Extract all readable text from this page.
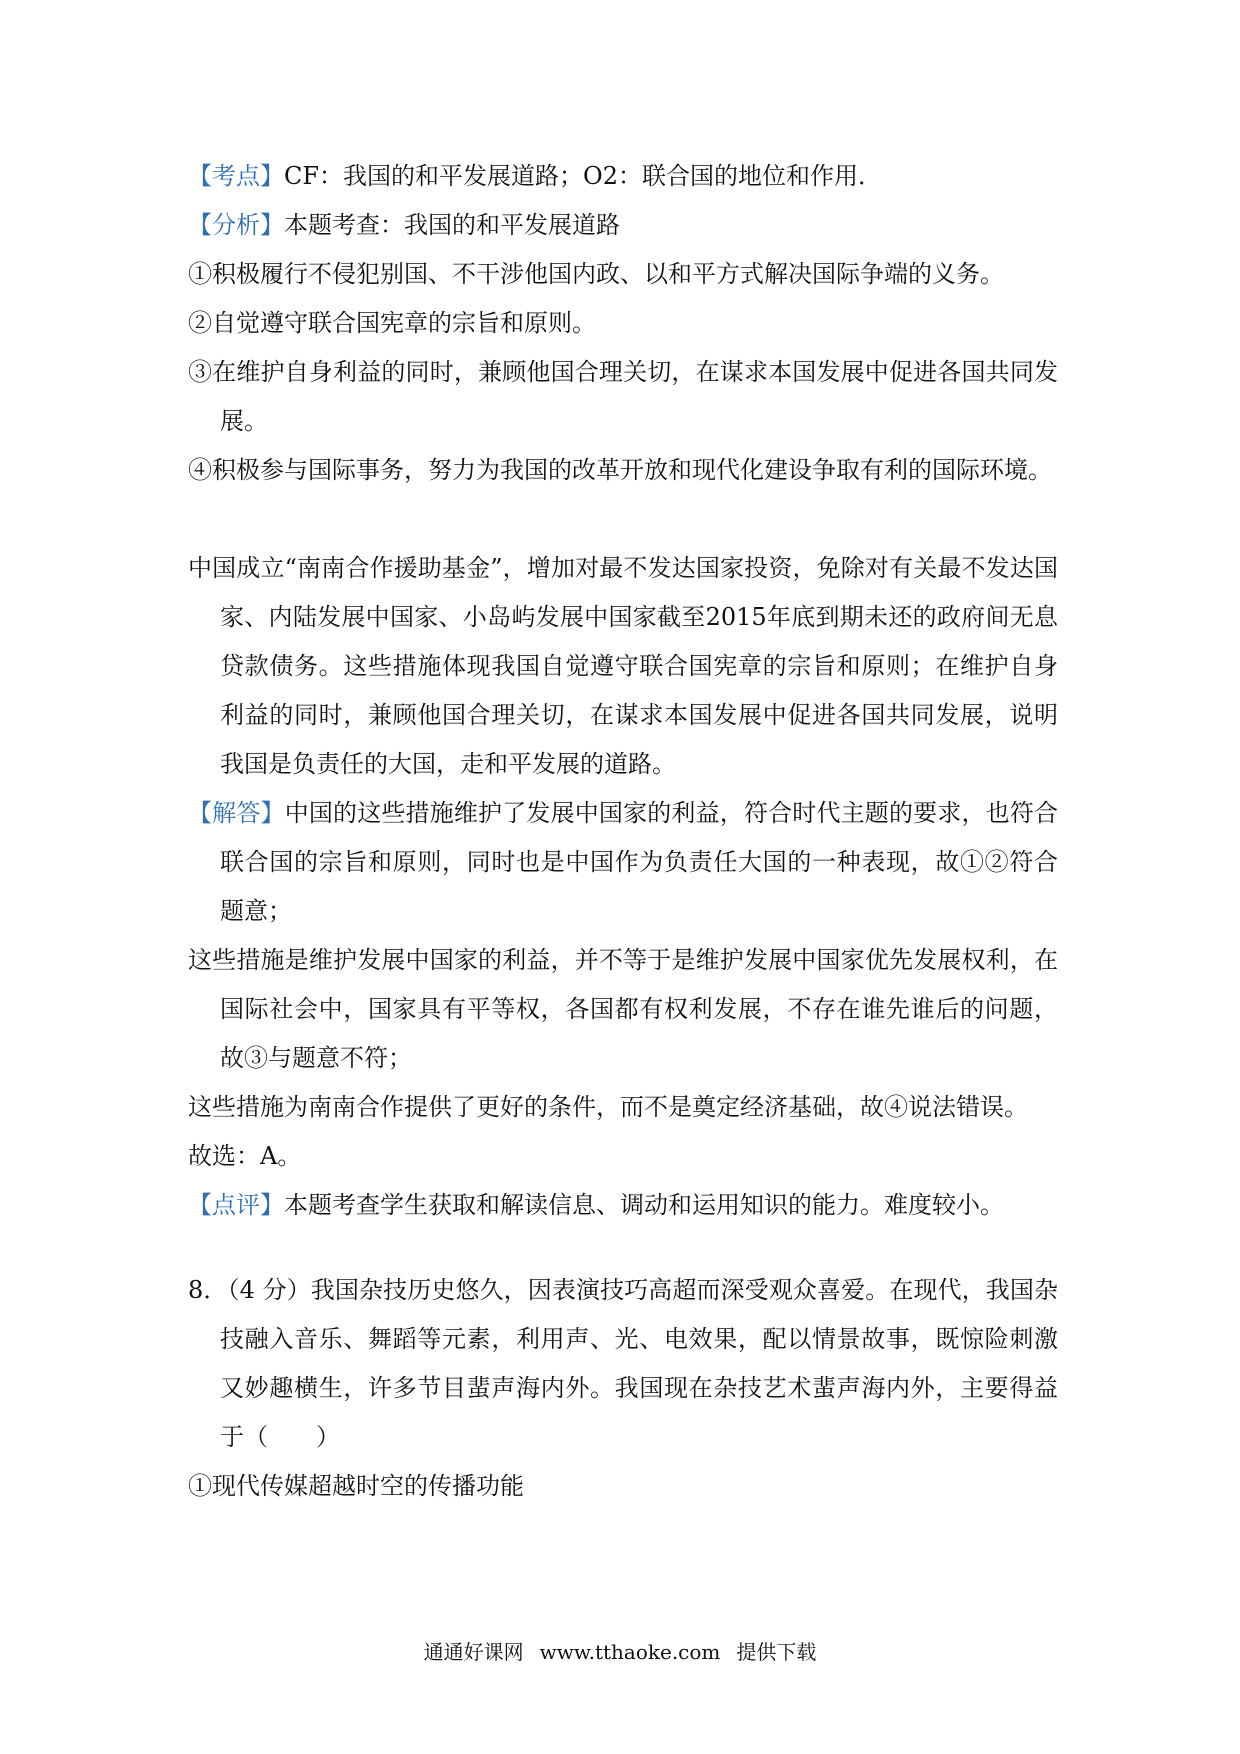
【考点】CF：我国的和平发展道路；O2：联合国的地位和作用．

【分析】本题考查：我国的和平发展道路

①积极履行不侵犯别国、不干涉他国内政、以和平方式解决国际争端的义务。

②自觉遵守联合国宪章的宗旨和原则。

③在维护自身利益的同时，兼顾他国合理关切，在谋求本国发展中促进各国共同发展。

④积极参与国际事务，努力为我国的改革开放和现代化建设争取有利的国际环境。

中国成立“南南合作援助基金”，增加对最不发达国家投资，免除对有关最不发达国家、内陆发展中国家、小岛屿发展中国家截至2015年底到期未还的政府间无息贷款债务。这些措施体现我国自觉遵守联合国宪章的宗旨和原则；在维护自身利益的同时，兼顾他国合理关切，在谋求本国发展中促进各国共同发展，说明我国是负责任的大国，走和平发展的道路。

【解答】中国的这些措施维护了发展中国家的利益，符合时代主题的要求，也符合联合国的宗旨和原则，同时也是中国作为负责任大国的一种表现，故①②符合题意；

这些措施是维护发展中国家的利益，并不等于是维护发展中国家优先发展权利，在国际社会中，国家具有平等权，各国都有权利发展，不存在谁先谁后的问题，故③与题意不符；

这些措施为南南合作提供了更好的条件，而不是奠定经济基础，故④说法错误。

故选：A。

【点评】本题考查学生获取和解读信息、调动和运用知识的能力。难度较小。

8．（4 分）我国杂技历史悠久，因表演技巧高超而深受观众喜爱。在现代，我国杂技融入音乐、舞蹈等元素，利用声、光、电效果，配以情景故事，既惊险刺激又妙趣横生，许多节目蜚声海内外。我国现在杂技艺术蜚声海内外，主要得益于（　　）

①现代传媒超越时空的传播功能

通通好课网 www.tthaoke.com 提供下载
